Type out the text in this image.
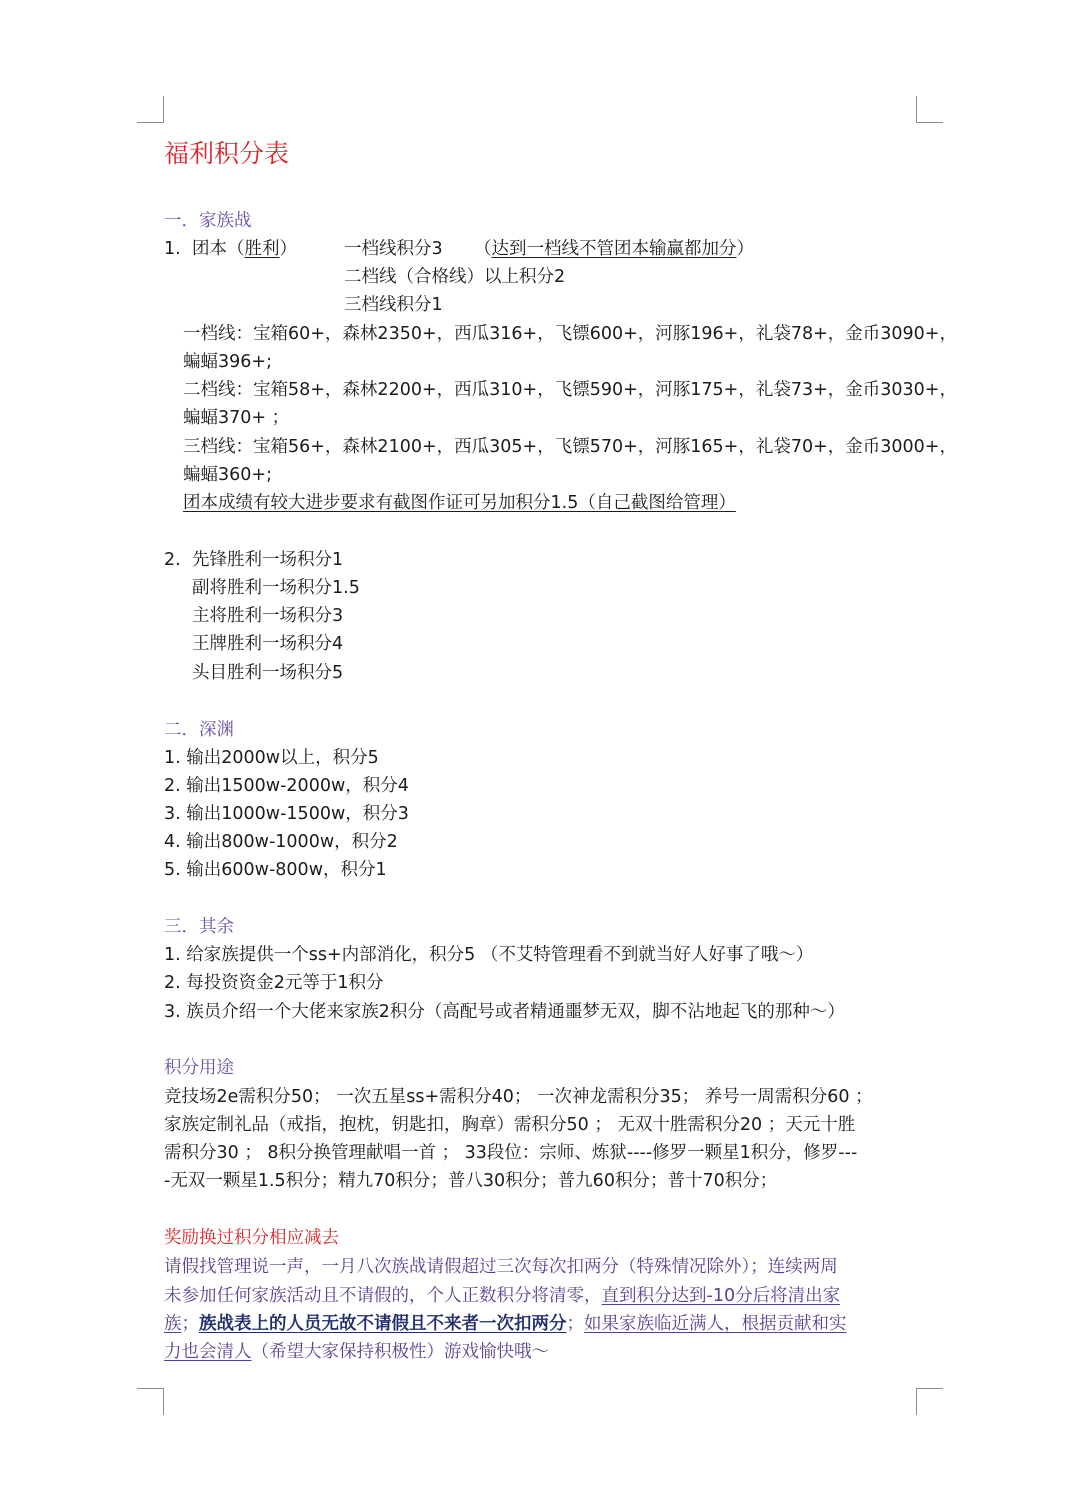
福利积分表
一．家族战
1. 团本（胜利）	一档线积分3 （达到一档线不管团本输赢都加分）
二档线（合格线）以上积分2
三档线积分1
一档线：宝箱60+，森林2350+，西瓜316+，飞镖600+，河豚196+，礼袋78+，金币3090+，
蝙蝠396+;
二档线：宝箱58+，森林2200+，西瓜310+，飞镖590+，河豚175+，礼袋73+，金币3030+，
蝙蝠370+ ；
三档线：宝箱56+，森林2100+，西瓜305+，飞镖570+，河豚165+，礼袋70+，金币3000+，
蝙蝠360+;
团本成绩有较大进步要求有截图作证可另加积分1.5（自己截图给管理）
2. 先锋胜利一场积分1
副将胜利一场积分1.5
主将胜利一场积分3
王牌胜利一场积分4
头目胜利一场积分5
二．深渊
1. 输出2000w以上，积分5
2. 输出1500w-2000w，积分4
3. 输出1000w-1500w，积分3
4. 输出800w-1000w，积分2
5. 输出600w-800w，积分1
三．其余
1. 给家族提供一个ss+内部消化，积分5 （不艾特管理看不到就当好人好事了哦～）
2. 每投资资金2元等于1积分
3. 族员介绍一个大佬来家族2积分（高配号或者精通噩梦无双，脚不沾地起飞的那种～）
积分用途
竞技场2e需积分50； 一次五星ss+需积分40； 一次神龙需积分35； 养号一周需积分60 ；
家族定制礼品（戒指，抱枕，钥匙扣，胸章）需积分50 ； 无双十胜需积分20 ；天元十胜
需积分30 ； 8积分换管理献唱一首 ； 33段位：宗师、炼狱----修罗一颗星1积分，修罗---
-无双一颗星1.5积分；精九70积分；普八30积分；普九60积分；普十70积分；
奖励换过积分相应减去
请假找管理说一声，一月八次族战请假超过三次每次扣两分（特殊情况除外）；连续两周
未参加任何家族活动且不请假的，个人正数积分将清零，直到积分达到-10分后将清出家
族；族战表上的人员无故不请假且不来者一次扣两分；如果家族临近满人，根据贡献和实
力也会清人（希望大家保持积极性）游戏愉快哦～
